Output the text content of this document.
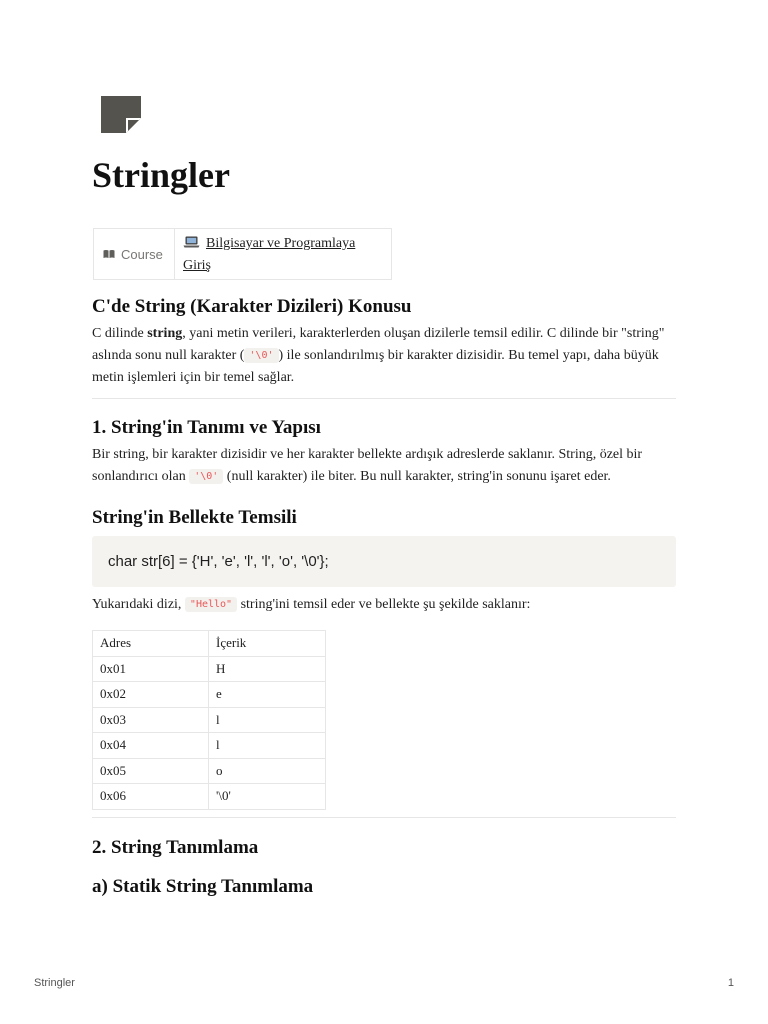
Stringler
Course
Bilgisayar ve Programlaya Giriş
C'de String (Karakter Dizileri) Konusu

C dilinde string, yani metin verileri, karakterlerden oluşan dizilerle temsil edilir. C dilinde bir "string" aslında sonu null karakter ( '\0' ) ile sonlandırılmış bir karakter dizisidir. Bu temel yapı, daha büyük metin işlemleri için bir temel sağlar.

1. String'in Tanımı ve Yapısı

Bir string, bir karakter dizisidir ve her karakter bellekte ardışık adreslerde saklanır. String, özel bir sonlandırıcı olan '\0' (null karakter) ile biter. Bu null karakter, string'in sonunu işaret eder.

String'in Bellekte Temsili
char str[6] = {'H', 'e', 'l', 'l', 'o', '\0'};

Yukarıdaki dizi, "Hello" string'ini temsil eder ve bellekte şu şekilde saklanır:

Adres	İçerik
0x01	H
0x02	e
0x03	l
0x04	l
0x05	o
0x06	'\0'
2. String Tanımlama
a) Statik String Tanımlama
Stringler	1
